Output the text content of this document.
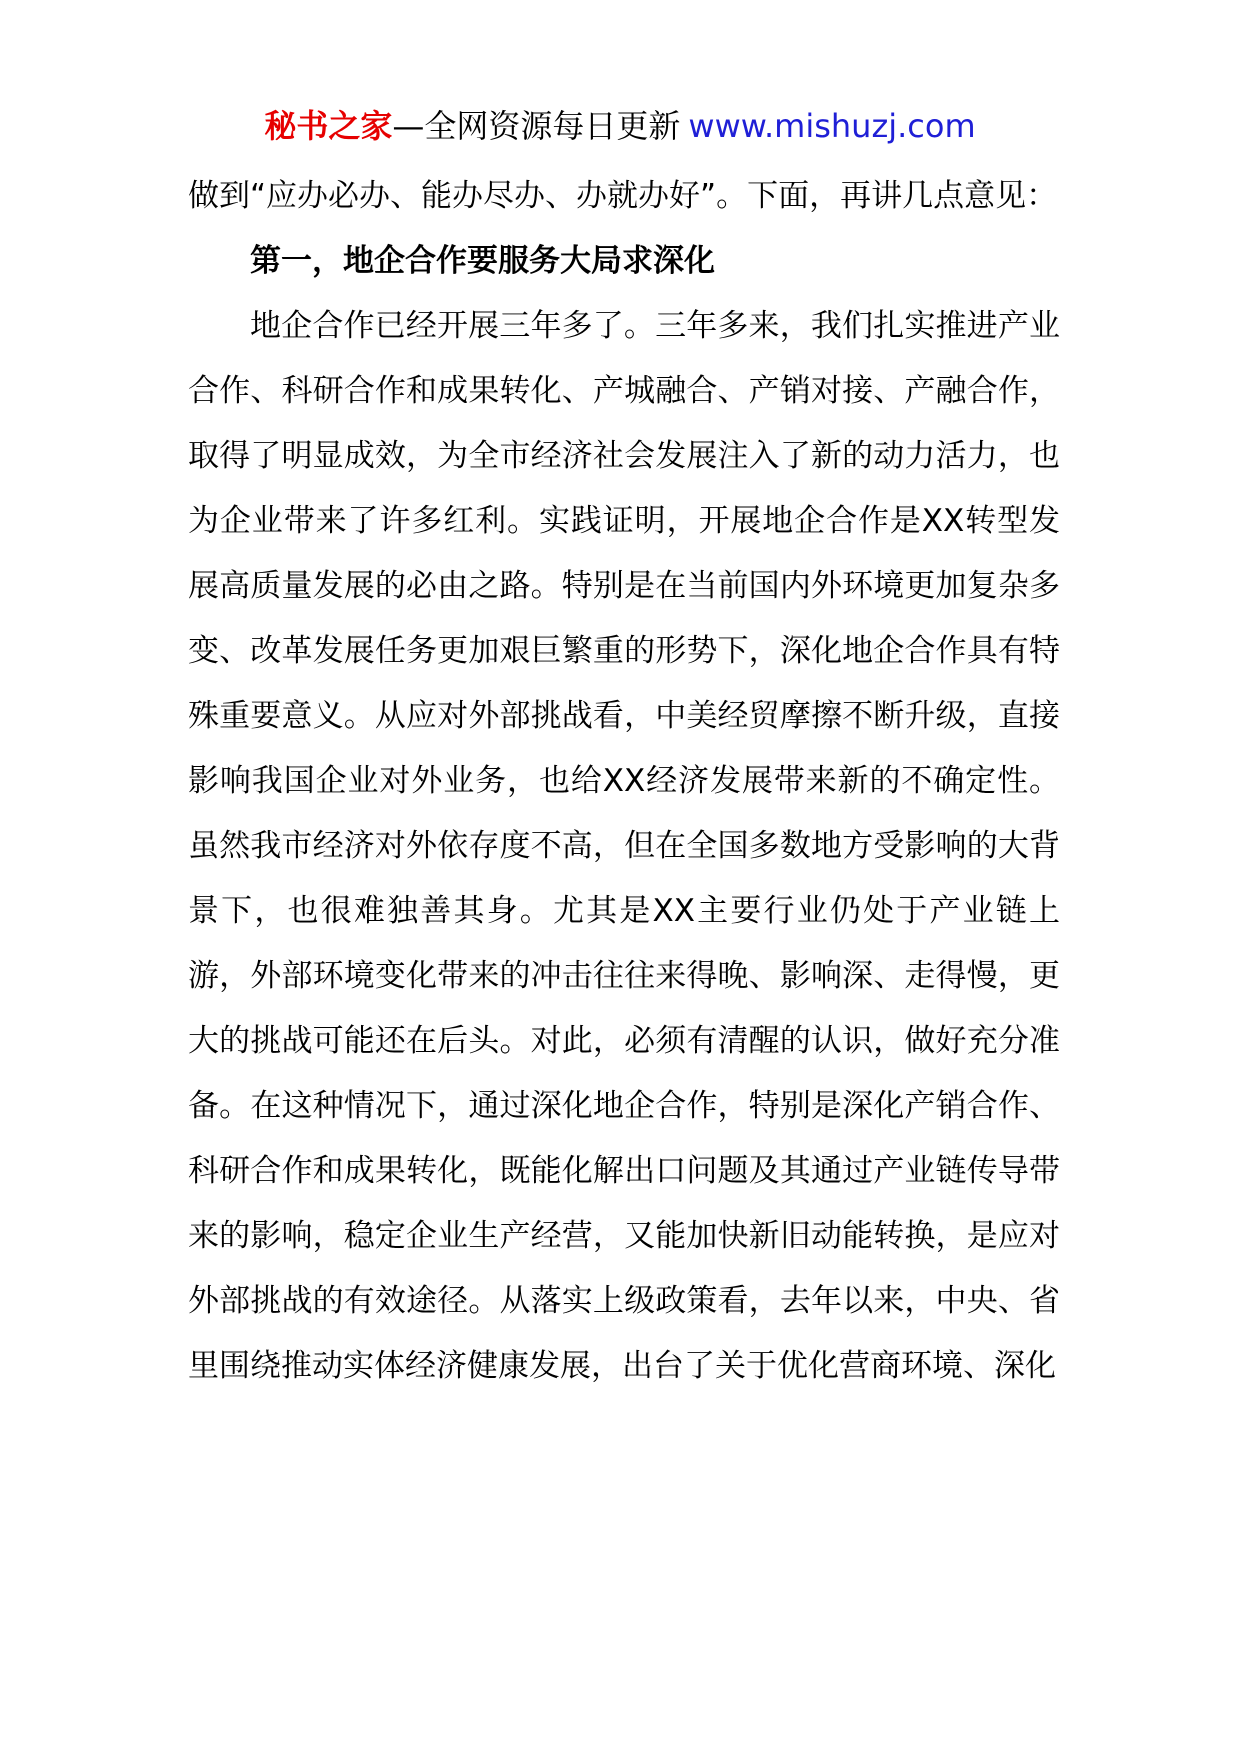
秘书之家—全网资源每日更新 www.mishuzj.com

做到“应办必办、能办尽办、办就办好”。下面，再讲几点意见：

第一，地企合作要服务大局求深化

地企合作已经开展三年多了。三年多来，我们扎实推进产业合作、科研合作和成果转化、产城融合、产销对接、产融合作，取得了明显成效，为全市经济社会发展注入了新的动力活力，也为企业带来了许多红利。实践证明，开展地企合作是XX转型发展高质量发展的必由之路。特别是在当前国内外环境更加复杂多变、改革发展任务更加艰巨繁重的形势下，深化地企合作具有特殊重要意义。从应对外部挑战看，中美经贸摩擦不断升级，直接影响我国企业对外业务，也给XX经济发展带来新的不确定性。虽然我市经济对外依存度不高，但在全国多数地方受影响的大背景下，也很难独善其身。尤其是XX主要行业仍处于产业链上游，外部环境变化带来的冲击往往来得晚、影响深、走得慢，更大的挑战可能还在后头。对此，必须有清醒的认识，做好充分准备。在这种情况下，通过深化地企合作，特别是深化产销合作、科研合作和成果转化，既能化解出口问题及其通过产业链传导带来的影响，稳定企业生产经营，又能加快新旧动能转换，是应对外部挑战的有效途径。从落实上级政策看，去年以来，中央、省里围绕推动实体经济健康发展，出台了关于优化营商环境、深化
